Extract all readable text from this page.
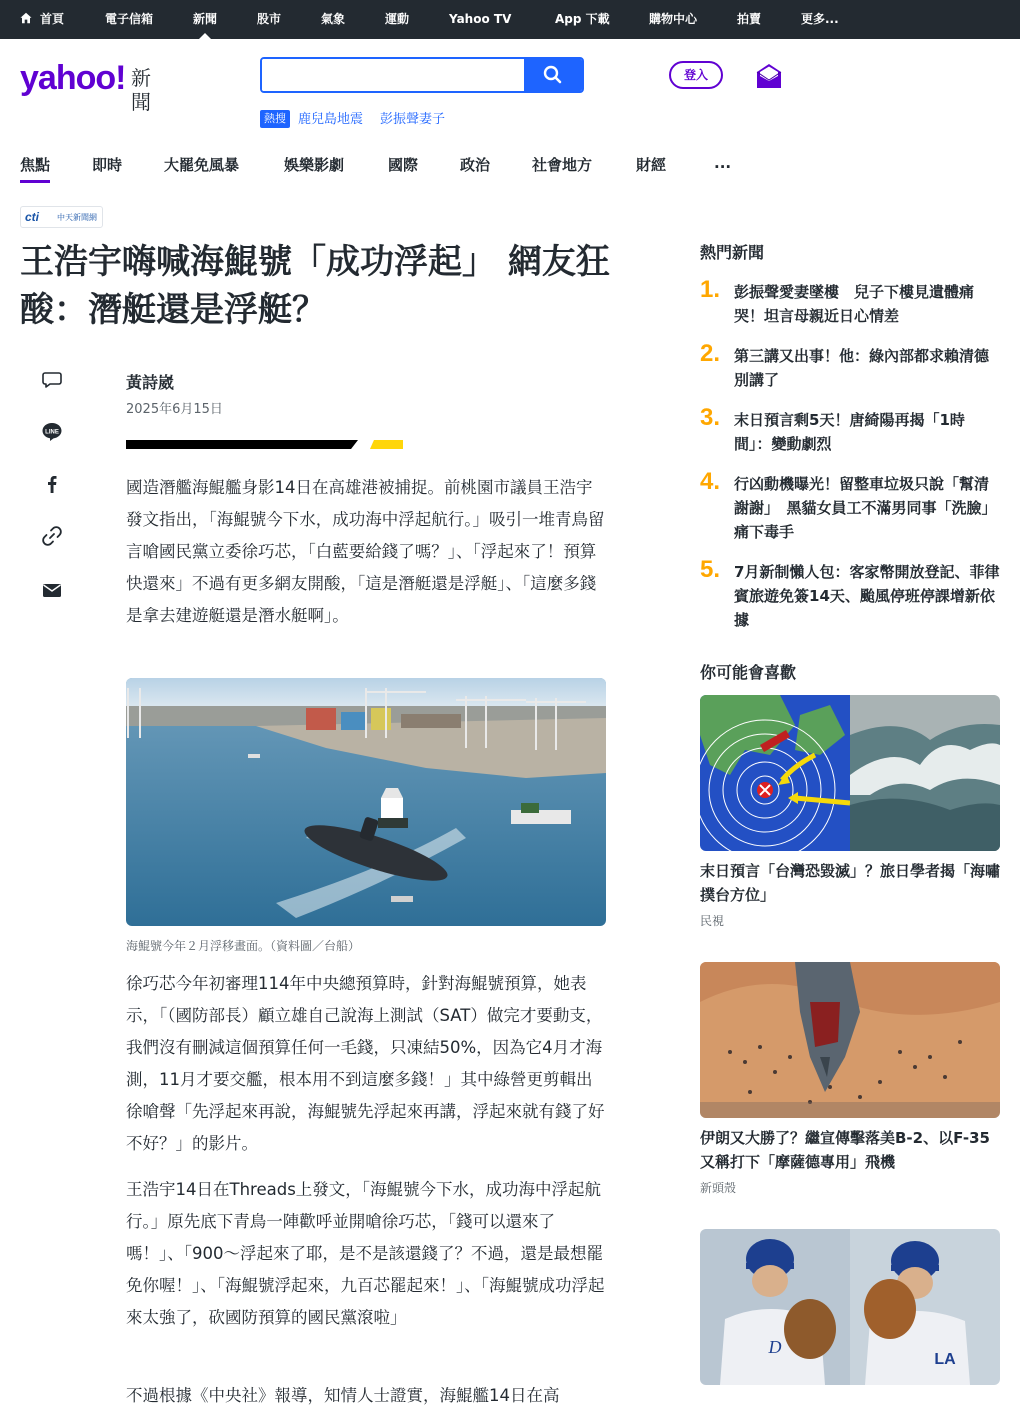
首頁	電子信箱	新聞	股市	氣象	運動	Yahoo TV	App 下載	購物中心	拍賣	更多...
yahoo! 新聞
登入
熱搜 鹿兒島地震 彭振聲妻子
焦點	即時	大罷免風暴	娛樂影劇	國際	政治	社會地方	財經	...
cti 中天新聞網
王浩宇嗨喊海鯤號「成功浮起」 網友狂酸：潛艇還是浮艇？
LINE
黃詩崴
2025年6月15日

國造潛艦海鯤艦身影14日在高雄港被捕捉。前桃園市議員王浩宇發文指出，「海鯤號今下水，成功海中浮起航行。」吸引一堆青鳥留言嗆國民黨立委徐巧芯，「白藍要給錢了嗎？」、「浮起來了！預算快還來」不過有更多網友開酸，「這是潛艇還是浮艇」、「這麼多錢是拿去建遊艇還是潛水艇啊」。

海鯤號今年２月浮移畫面。（資料圖／台船）

徐巧芯今年初審理114年中央總預算時，針對海鯤號預算，她表示，「（國防部長）顧立雄自己說海上測試（SAT）做完才要動支，我們沒有刪減這個預算任何一毛錢，只凍結50%，因為它4月才海測，11月才要交艦，根本用不到這麼多錢！」其中綠營更剪輯出徐嗆聲「先浮起來再說，海鯤號先浮起來再講，浮起來就有錢了好不好？」的影片。

王浩宇14日在Threads上發文，「海鯤號今下水，成功海中浮起航行。」原先底下青鳥一陣歡呼並開嗆徐巧芯，「錢可以還來了嗎！」、「900～浮起來了耶，是不是該還錢了？不過，還是最想罷免你喔！」、「海鯤號浮起來，九百芯罷起來！」、「海鯤號成功浮起來太強了，砍國防預算的國民黨滾啦」

不過根據《中央社》報導，知情人士證實，海鯤艦14日在高

熱門新聞
1. 彭振聲愛妻墜樓　兒子下樓見遺體痛哭！坦言母親近日心情差
2. 第三講又出事！他：綠內部都求賴清德別講了
3. 末日預言剩5天！唐綺陽再揭「1時間」：變動劇烈
4. 行凶動機曝光！留整車垃圾只說「幫清謝謝」　黑貓女員工不滿男同事「洗臉」痛下毒手
5. 7月新制懶人包：客家幣開放登記、菲律賓旅遊免簽14天、颱風停班停課增新依據
你可能會喜歡

末日預言「台灣恐毀滅」？旅日學者揭「海嘯撲台方位」

民視

伊朗又大勝了？繼宣傳擊落美B-2、以F-35又稱打下「摩薩德專用」飛機

新頭殼
D
LA
